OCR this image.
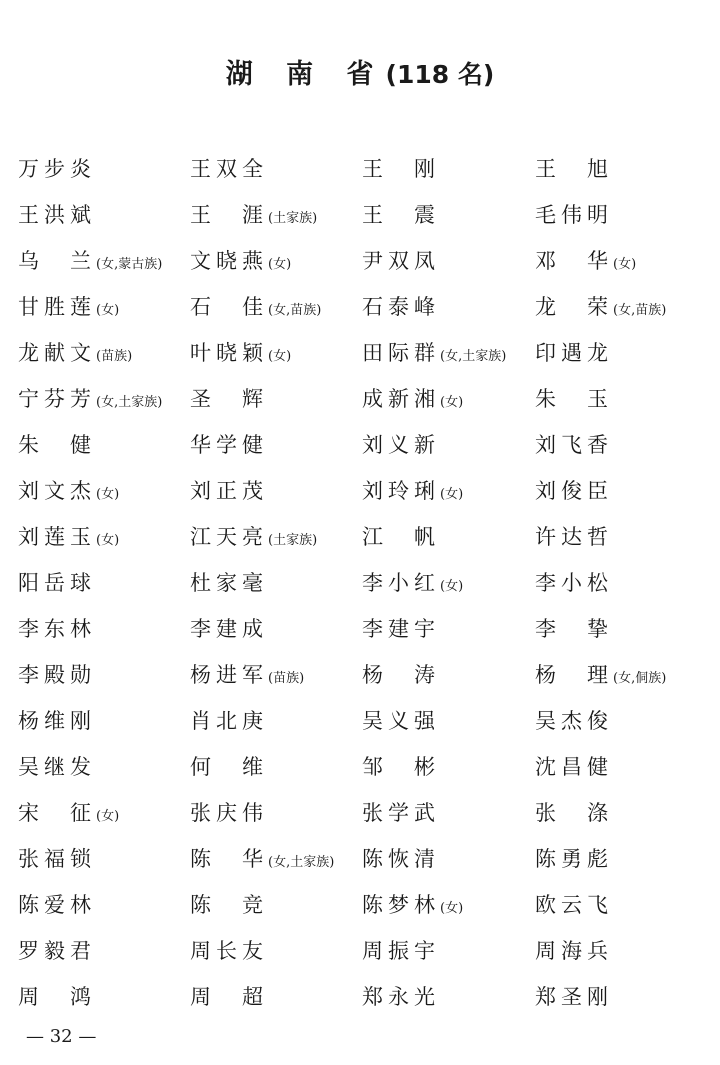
湖 南 省(118 名)
万步炎	王双全	王　刚	王　旭
王洪斌	王　涯(土家族) 王　震	毛伟明
乌　兰(女,蒙古族) 文晓燕(女)	尹双凤	邓　华(女)
甘胜莲(女)	石　佳(女,苗族) 石泰峰	龙　荣(女,苗族)
龙献文(苗族)	叶晓颖(女)	田际群(女,土家族) 印遇龙
宁芬芳(女,土家族) 圣　辉	成新湘(女)	朱　玉
朱　健	华学健	刘义新	刘飞香
刘文杰(女)	刘正茂	刘玲琍(女)	刘俊臣
刘莲玉(女)	江天亮(土家族) 江　帆	许达哲
阳岳球	杜家毫	李小红(女)	李小松
李东林	李建成	李建宇	李　挚
李殿勋	杨进军(苗族)	杨　涛	杨　理(女,侗族)
杨维刚	肖北庚	吴义强	吴杰俊
吴继发	何　维	邹　彬	沈昌健
宋　征(女)	张庆伟	张学武	张　涤
张福锁	陈　华(女,土家族) 陈恢清	陈勇彪
陈爱林	陈　竞	陈梦林(女)	欧云飞
罗毅君	周长友	周振宇	周海兵
周　鸿	周　超	郑永光	郑圣刚
— 32 —
